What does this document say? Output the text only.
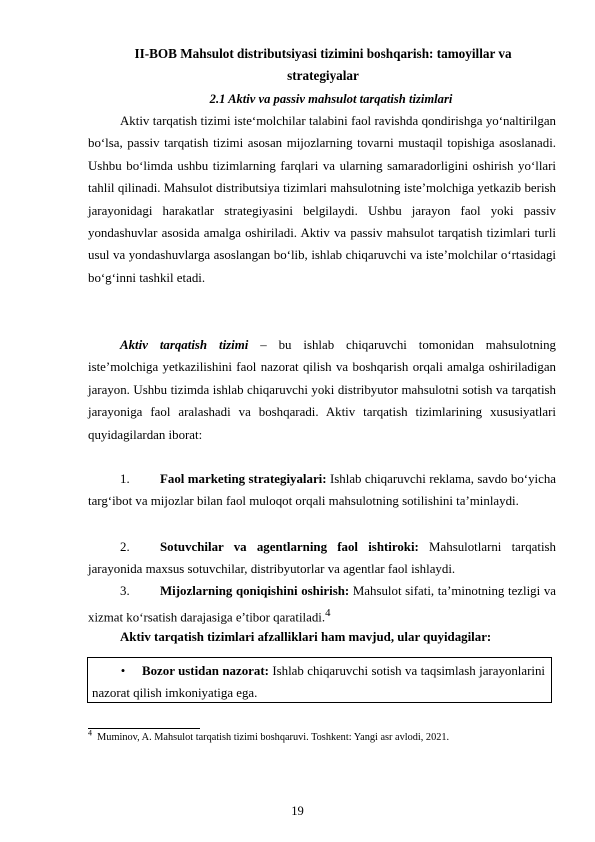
II-BOB Mahsulot distributsiyasi tizimini boshqarish: tamoyillar va
strategiyalar
2.1 Aktiv va passiv mahsulot tarqatish tizimlari

Aktiv tarqatish tizimi iste‘molchilar talabini faol ravishda qondirishga yo‘naltirilgan bo‘lsa, passiv tarqatish tizimi asosan mijozlarning tovarni mustaqil topishiga asoslanadi. Ushbu bo‘limda ushbu tizimlarning farqlari va ularning samaradorligini oshirish yo‘llari tahlil qilinadi. Mahsulot distributsiya tizimlari mahsulotning iste’molchiga yetkazib berish jarayonidagi harakatlar strategiyasini belgilaydi. Ushbu jarayon faol yoki passiv yondashuvlar asosida amalga oshiriladi. Aktiv va passiv mahsulot tarqatish tizimlari turli usul va yondashuvlarga asoslangan bo‘lib, ishlab chiqaruvchi va iste’molchilar o‘rtasidagi bo‘g‘inni tashkil etadi.

Aktiv tarqatish tizimi – bu ishlab chiqaruvchi tomonidan mahsulotning iste’molchiga yetkazilishini faol nazorat qilish va boshqarish orqali amalga oshiriladigan jarayon. Ushbu tizimda ishlab chiqaruvchi yoki distribyutor mahsulotni sotish va tarqatish jarayoniga faol aralashadi va boshqaradi. Aktiv tarqatish tizimlarining xususiyatlari quyidagilardan iborat:

1. Faol marketing strategiyalari: Ishlab chiqaruvchi reklama, savdo bo‘yicha targ‘ibot va mijozlar bilan faol muloqot orqali mahsulotning sotilishini ta’minlaydi.

2. Sotuvchilar va agentlarning faol ishtiroki: Mahsulotlarni tarqatish jarayonida maxsus sotuvchilar, distribyutorlar va agentlar faol ishlaydi.

3. Mijozlarning qoniqishini oshirish: Mahsulot sifati, ta’minotning tezligi va xizmat ko‘rsatish darajasiga e’tibor qaratiladi.$^4$

Aktiv tarqatish tizimlari afzalliklari ham mavjud, ular quyidagilar:

• Bozor ustidan nazorat: Ishlab chiqaruvchi sotish va taqsimlash jarayonlarini nazorat qilish imkoniyatiga ega.
$^4$ Muminov, A. Mahsulot tarqatish tizimi boshqaruvi. Toshkent: Yangi asr avlodi, 2021.
19
